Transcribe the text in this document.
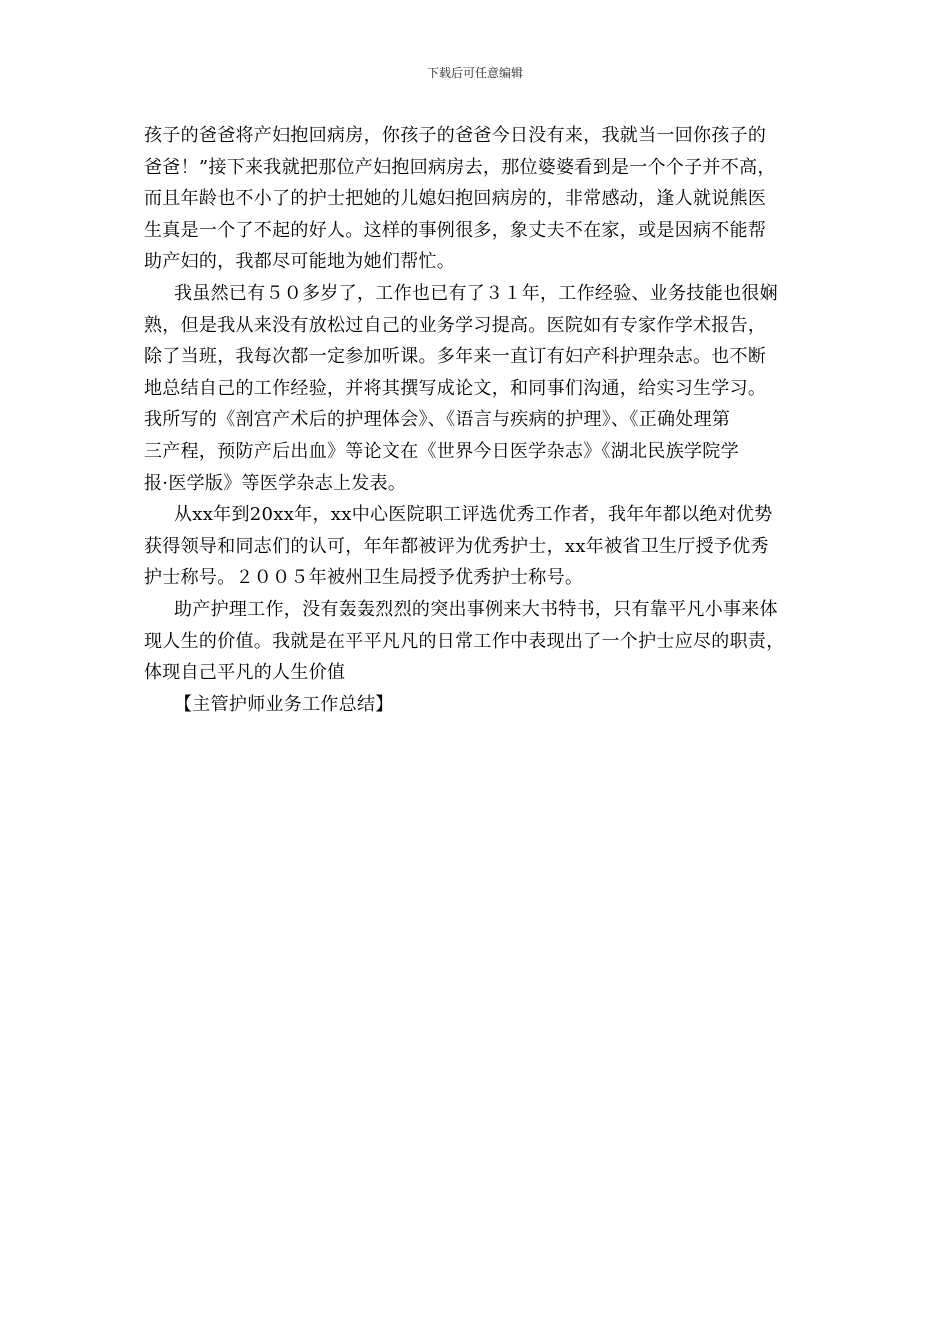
下载后可任意编辑
孩子的爸爸将产妇抱回病房，你孩子的爸爸今日没有来，我就当一回你孩子的
爸爸！”接下来我就把那位产妇抱回病房去，那位婆婆看到是一个个子并不高，
而且年龄也不小了的护士把她的儿媳妇抱回病房的，非常感动，逢人就说熊医
生真是一个了不起的好人。这样的事例很多，象丈夫不在家，或是因病不能帮
助产妇的，我都尽可能地为她们帮忙。
我虽然已有５０多岁了，工作也已有了３１年，工作经验、业务技能也很娴
熟，但是我从来没有放松过自己的业务学习提高。医院如有专家作学术报告，
除了当班，我每次都一定参加听课。多年来一直订有妇产科护理杂志。也不断
地总结自己的工作经验，并将其撰写成论文，和同事们沟通，给实习生学习。
我所写的《剖宫产术后的护理体会》、《语言与疾病的护理》、《正确处理第
三产程，预防产后出血》等论文在《世界今日医学杂志》《湖北民族学院学
报·医学版》等医学杂志上发表。
从xx年到20xx年，xx中心医院职工评选优秀工作者，我年年都以绝对优势
获得领导和同志们的认可，年年都被评为优秀护士，xx年被省卫生厅授予优秀
护士称号。２００５年被州卫生局授予优秀护士称号。
助产护理工作，没有轰轰烈烈的突出事例来大书特书，只有靠平凡小事来体
现人生的价值。我就是在平平凡凡的日常工作中表现出了一个护士应尽的职责，
体现自己平凡的人生价值
【主管护师业务工作总结】
